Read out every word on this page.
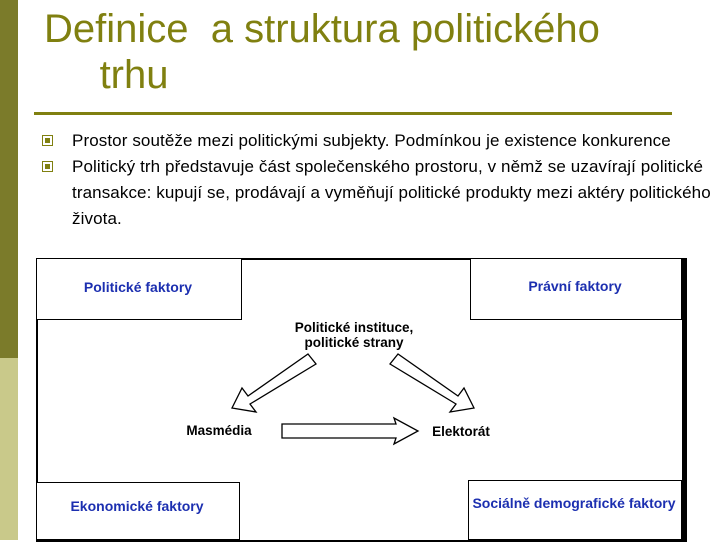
Definice  a struktura politického
trhu
Prostor soutěže mezi politickými subjekty. Podmínkou je existence konkurence
Politický trh představuje část společenského prostoru, v němž se uzavírají politické transakce: kupují se, prodávají a vyměňují politické produkty mezi aktéry politického života.
Politické faktory	Právní faktory
Ekonomické faktory	Sociálně demografické faktory
Politické instituce, politické strany
Masmédia	Elektorát
